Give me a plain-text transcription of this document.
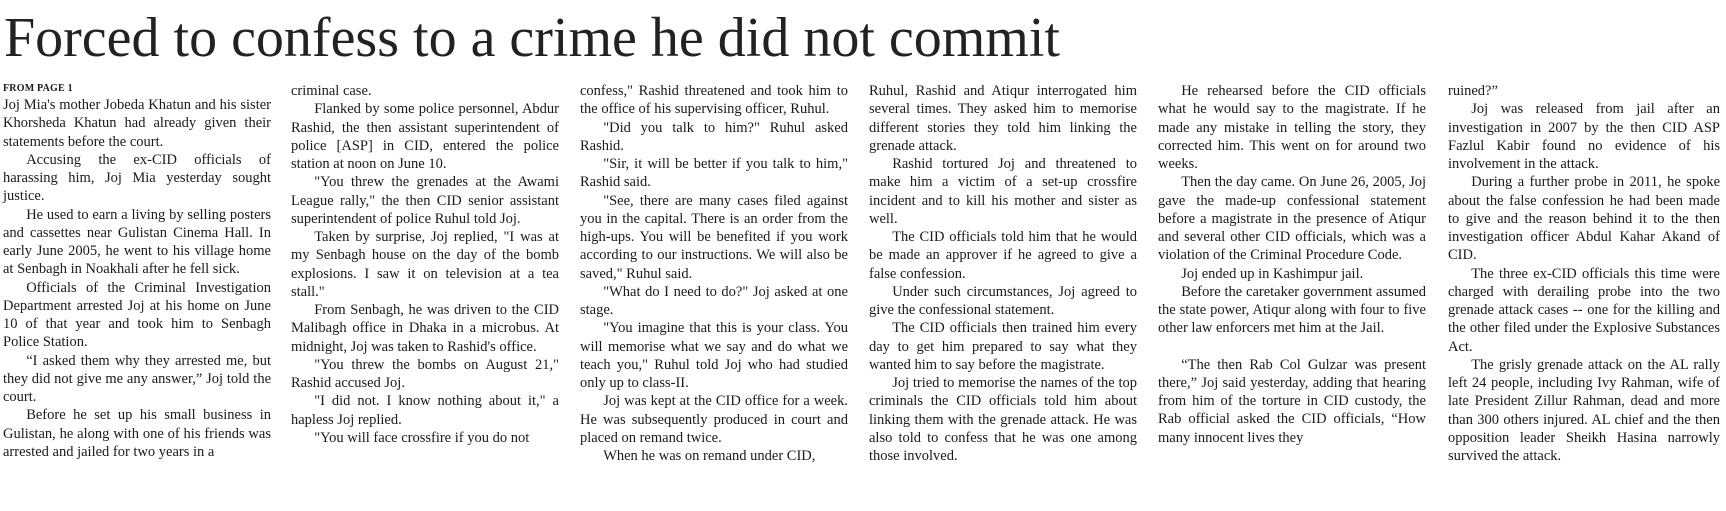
Forced to confess to a crime he did not commit
FROM PAGE 1

Joj Mia's mother Jobeda Khatun and his sister Khorsheda Khatun had already given their statements before the court.

Accusing the ex-CID officials of harassing him, Joj Mia yesterday sought justice.

He used to earn a living by selling posters and cassettes near Gulistan Cinema Hall. In early June 2005, he went to his village home at Senbagh in Noakhali after he fell sick.

Officials of the Criminal Investigation Department arrested Joj at his home on June 10 of that year and took him to Senbagh Police Station.

“I asked them why they arrested me, but they did not give me any answer,” Joj told the court.

Before he set up his small business in Gulistan, he along with one of his friends was arrested and jailed for two years in a

criminal case.

Flanked by some police personnel, Abdur Rashid, the then assistant superintendent of police [ASP] in CID, entered the police station at noon on June 10.

"You threw the grenades at the Awami League rally," the then CID senior assistant superintendent of police Ruhul told Joj.

Taken by surprise, Joj replied, "I was at my Senbagh house on the day of the bomb explosions. I saw it on television at a tea stall."

From Senbagh, he was driven to the CID Malibagh office in Dhaka in a microbus. At midnight, Joj was taken to Rashid's office.

"You threw the bombs on August 21," Rashid accused Joj.

"I did not. I know nothing about it," a hapless Joj replied.

"You will face crossfire if you do not

confess," Rashid threatened and took him to the office of his supervising officer, Ruhul.

"Did you talk to him?" Ruhul asked Rashid.

"Sir, it will be better if you talk to him," Rashid said.

"See, there are many cases filed against you in the capital. There is an order from the high-ups. You will be benefited if you work according to our instructions. We will also be saved," Ruhul said.

"What do I need to do?" Joj asked at one stage.

"You imagine that this is your class. You will memorise what we say and do what we teach you," Ruhul told Joj who had studied only up to class-II.

Joj was kept at the CID office for a week. He was subsequently produced in court and placed on remand twice.

When he was on remand under CID,

Ruhul, Rashid and Atiqur interrogated him several times. They asked him to memorise different stories they told him linking the grenade attack.

Rashid tortured Joj and threatened to make him a victim of a set-up crossfire incident and to kill his mother and sister as well.

The CID officials told him that he would be made an approver if he agreed to give a false confession.

Under such circumstances, Joj agreed to give the confessional statement.

The CID officials then trained him every day to get him prepared to say what they wanted him to say before the magistrate.

Joj tried to memorise the names of the top criminals the CID officials told him about linking them with the grenade attack. He was also told to confess that he was one among those involved.

He rehearsed before the CID officials what he would say to the magistrate. If he made any mistake in telling the story, they corrected him. This went on for around two weeks.

Then the day came. On June 26, 2005, Joj gave the made-up confessional statement before a magistrate in the presence of Atiqur and several other CID officials, which was a violation of the Criminal Procedure Code.

Joj ended up in Kashimpur jail.

Before the caretaker government assumed the state power, Atiqur along with four to five other law enforcers met him at the Jail.

“The then Rab Col Gulzar was present there,” Joj said yesterday, adding that hearing from him of the torture in CID custody, the Rab official asked the CID officials, “How many innocent lives they

ruined?”

Joj was released from jail after an investigation in 2007 by the then CID ASP Fazlul Kabir found no evidence of his involvement in the attack.

During a further probe in 2011, he spoke about the false confession he had been made to give and the reason behind it to the then investigation officer Abdul Kahar Akand of CID.

The three ex-CID officials this time were charged with derailing probe into the two grenade attack cases -- one for the killing and the other filed under the Explosive Substances Act.

The grisly grenade attack on the AL rally left 24 people, including Ivy Rahman, wife of late President Zillur Rahman, dead and more than 300 others injured. AL chief and the then opposition leader Sheikh Hasina narrowly survived the attack.
